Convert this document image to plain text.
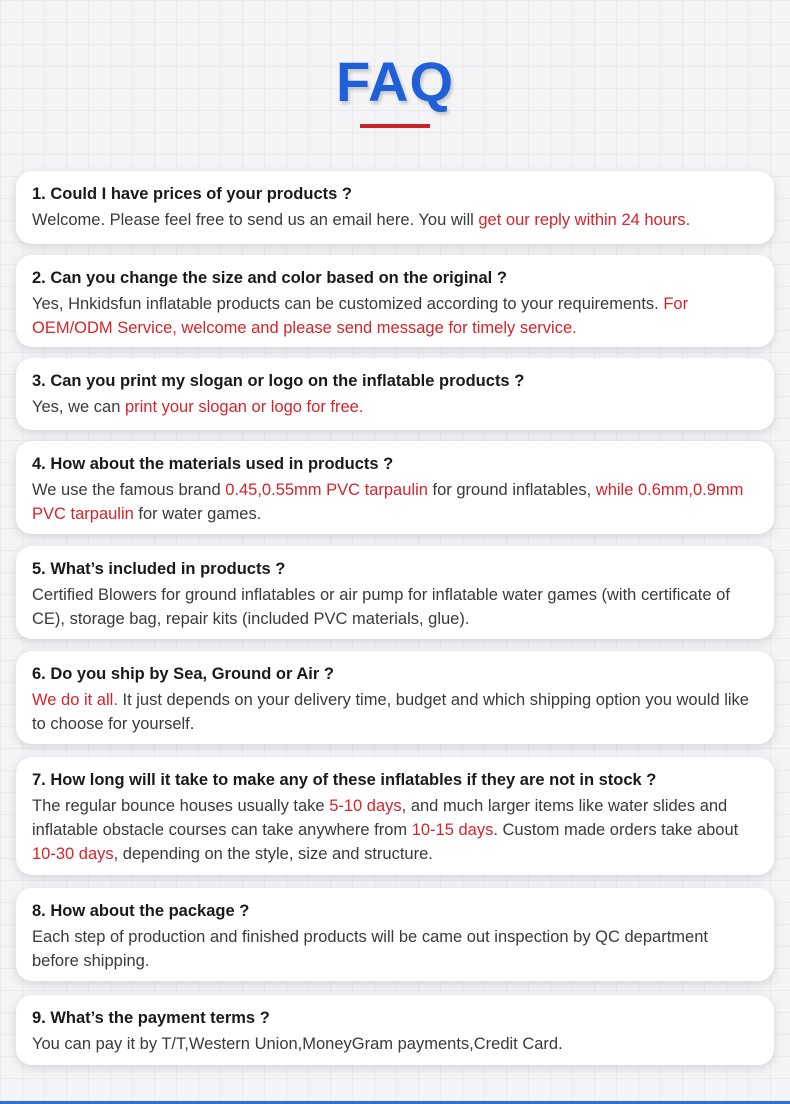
FAQ
1. Could I have prices of your products ?
Welcome. Please feel free to send us an email here. You will get our reply within 24 hours.
2. Can you change the size and color based on the original ?
Yes, Hnkidsfun inflatable products can be customized according to your requirements. For OEM/ODM Service, welcome and please send message for timely service.
3. Can you print my slogan or logo on the inflatable products ?
Yes, we can print your slogan or logo for free.
4. How about the materials used in products ?
We use the famous brand 0.45,0.55mm PVC tarpaulin for ground inflatables, while 0.6mm,0.9mm PVC tarpaulin for water games.
5. What’s included in products ?
Certified Blowers for ground inflatables or air pump for inflatable water games (with certificate of CE), storage bag, repair kits (included PVC materials, glue).
6. Do you ship by Sea, Ground or Air ?
We do it all. It just depends on your delivery time, budget and which shipping option you would like to choose for yourself.
7. How long will it take to make any of these inflatables if they are not in stock ?
The regular bounce houses usually take 5-10 days, and much larger items like water slides and inflatable obstacle courses can take anywhere from 10-15 days. Custom made orders take about 10-30 days, depending on the style, size and structure.
8. How about the package ?
Each step of production and finished products will be came out inspection by QC department before shipping.
9. What’s the payment terms ?
You can pay it by T/T,Western Union,MoneyGram payments,Credit Card.
